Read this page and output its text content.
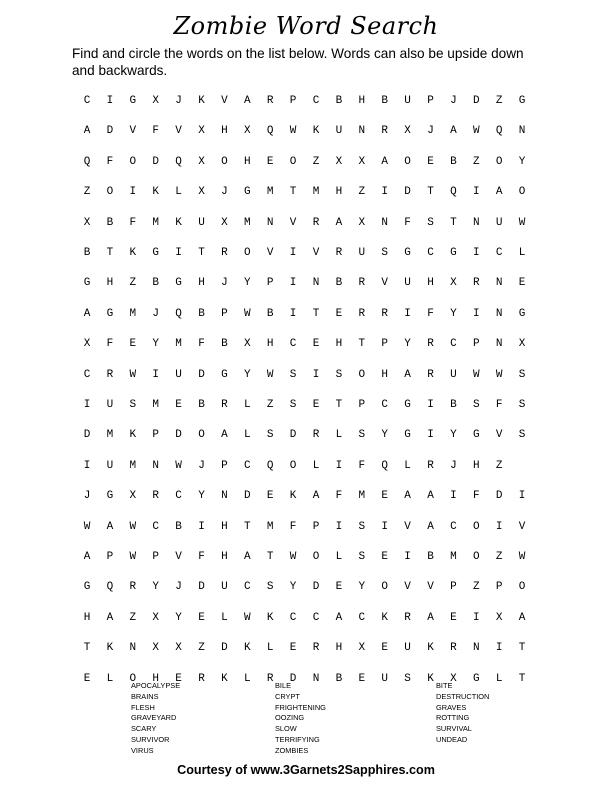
Zombie Word Search
Find and circle the words on the list below. Words can also be upside down and backwards.
C	I	G	X	J	K	V	A	R	P	C	B	H	B	U	P	J	D	Z	G
A	D	V	F	V	X	H	X	Q	W	K	U	N	R	X	J	A	W	Q	N
Q	F	O	D	Q	X	O	H	E	O	Z	X	X	A	O	E	B	Z	O	Y
Z	O	I	K	L	X	J	G	M	T	M	H	Z	I	D	T	Q	I	A	O
X	B	F	M	K	U	X	M	N	V	R	A	X	N	F	S	T	N	U	W
B	T	K	G	I	T	R	O	V	I	V	R	U	S	G	C	G	I	C	L
G	H	Z	B	G	H	J	Y	P	I	N	B	R	V	U	H	X	R	N	E
A	G	M	J	Q	B	P	W	B	I	T	E	R	R	I	F	Y	I	N	G
X	F	E	Y	M	F	B	X	H	C	E	H	T	P	Y	R	C	P	N	X
C	R	W	I	U	D	G	Y	W	S	I	S	O	H	A	R	U	W	W	S
I	U	S	M	E	B	R	L	Z	S	E	T	P	C	G	I	B	S	F	S
D	M	K	P	D	O	A	L	S	D	R	L	S	Y	G	I	Y	G	V	S
I	U	M	N	W	J	P	C	Q	O	L	I	F	Q	L	R	J	H	Z
J	G	X	R	C	Y	N	D	E	K	A	F	M	E	A	A	I	F	D	I
W	A	W	C	B	I	H	T	M	F	P	I	S	I	V	A	C	O	I	V
A	P	W	P	V	F	H	A	T	W	O	L	S	E	I	B	M	O	Z	W
G	Q	R	Y	J	D	U	C	S	Y	D	E	Y	O	V	V	P	Z	P	O
H	A	Z	X	Y	E	L	W	K	C	C	A	C	K	R	A	E	I	X	A
T	K	N	X	X	Z	D	K	L	E	R	H	X	E	U	K	R	N	I	T
E	L	O	H	E	R	K	L	R	D	N	B	E	U	S	K	X	G	L	T
APOCALYPSE
BRAINS
FLESH
GRAVEYARD
SCARY
SURVIVOR
VIRUS
BILE
CRYPT
FRIGHTENING
OOZING
SLOW
TERRIFYING
ZOMBIES
BITE
DESTRUCTION
GRAVES
ROTTING
SURVIVAL
UNDEAD
Courtesy of www.3Garnets2Sapphires.com
